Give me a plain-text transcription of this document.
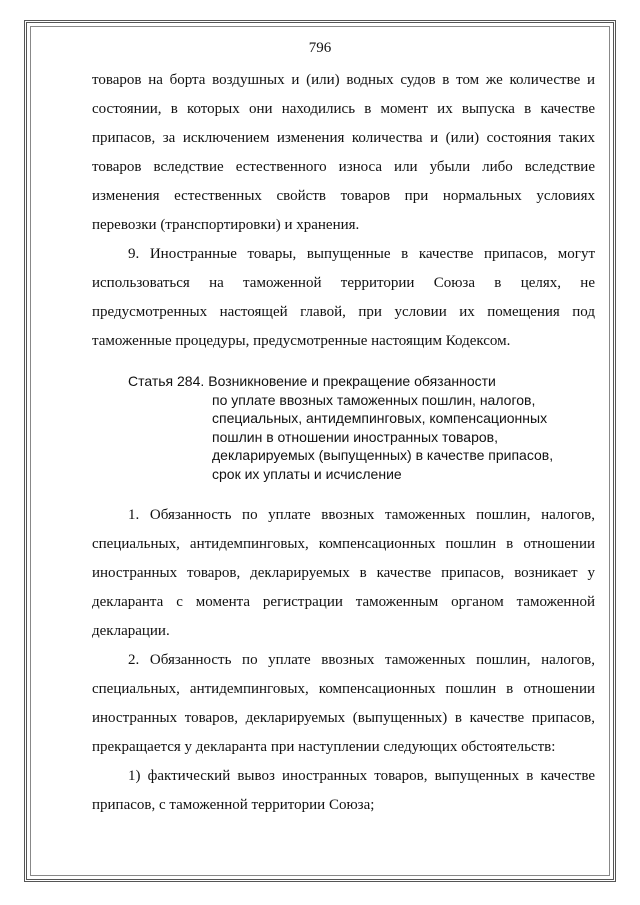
796

товаров на борта воздушных и (или) водных судов в том же количестве и состоянии, в которых они находились в момент их выпуска в качестве припасов, за исключением изменения количества и (или) состояния таких товаров вследствие естественного износа или убыли либо вследствие изменения естественных свойств товаров при нормальных условиях перевозки (транспортировки) и хранения.

9. Иностранные товары, выпущенные в качестве припасов, могут использоваться на таможенной территории Союза в целях, не предусмотренных настоящей главой, при условии их помещения под таможенные процедуры, предусмотренные настоящим Кодексом.

Статья 284. Возникновение и прекращение обязанности
по уплате ввозных таможенных пошлин, налогов,
специальных, антидемпинговых, компенсационных
пошлин в отношении иностранных товаров,
декларируемых (выпущенных) в качестве припасов,
срок их уплаты и исчисление

1. Обязанность по уплате ввозных таможенных пошлин, налогов, специальных, антидемпинговых, компенсационных пошлин в отношении иностранных товаров, декларируемых в качестве припасов, возникает у декларанта с момента регистрации таможенным органом таможенной декларации.

2. Обязанность по уплате ввозных таможенных пошлин, налогов, специальных, антидемпинговых, компенсационных пошлин в отношении иностранных товаров, декларируемых (выпущенных) в качестве припасов, прекращается у декларанта при наступлении следующих обстоятельств:

1) фактический вывоз иностранных товаров, выпущенных в качестве припасов, с таможенной территории Союза;
